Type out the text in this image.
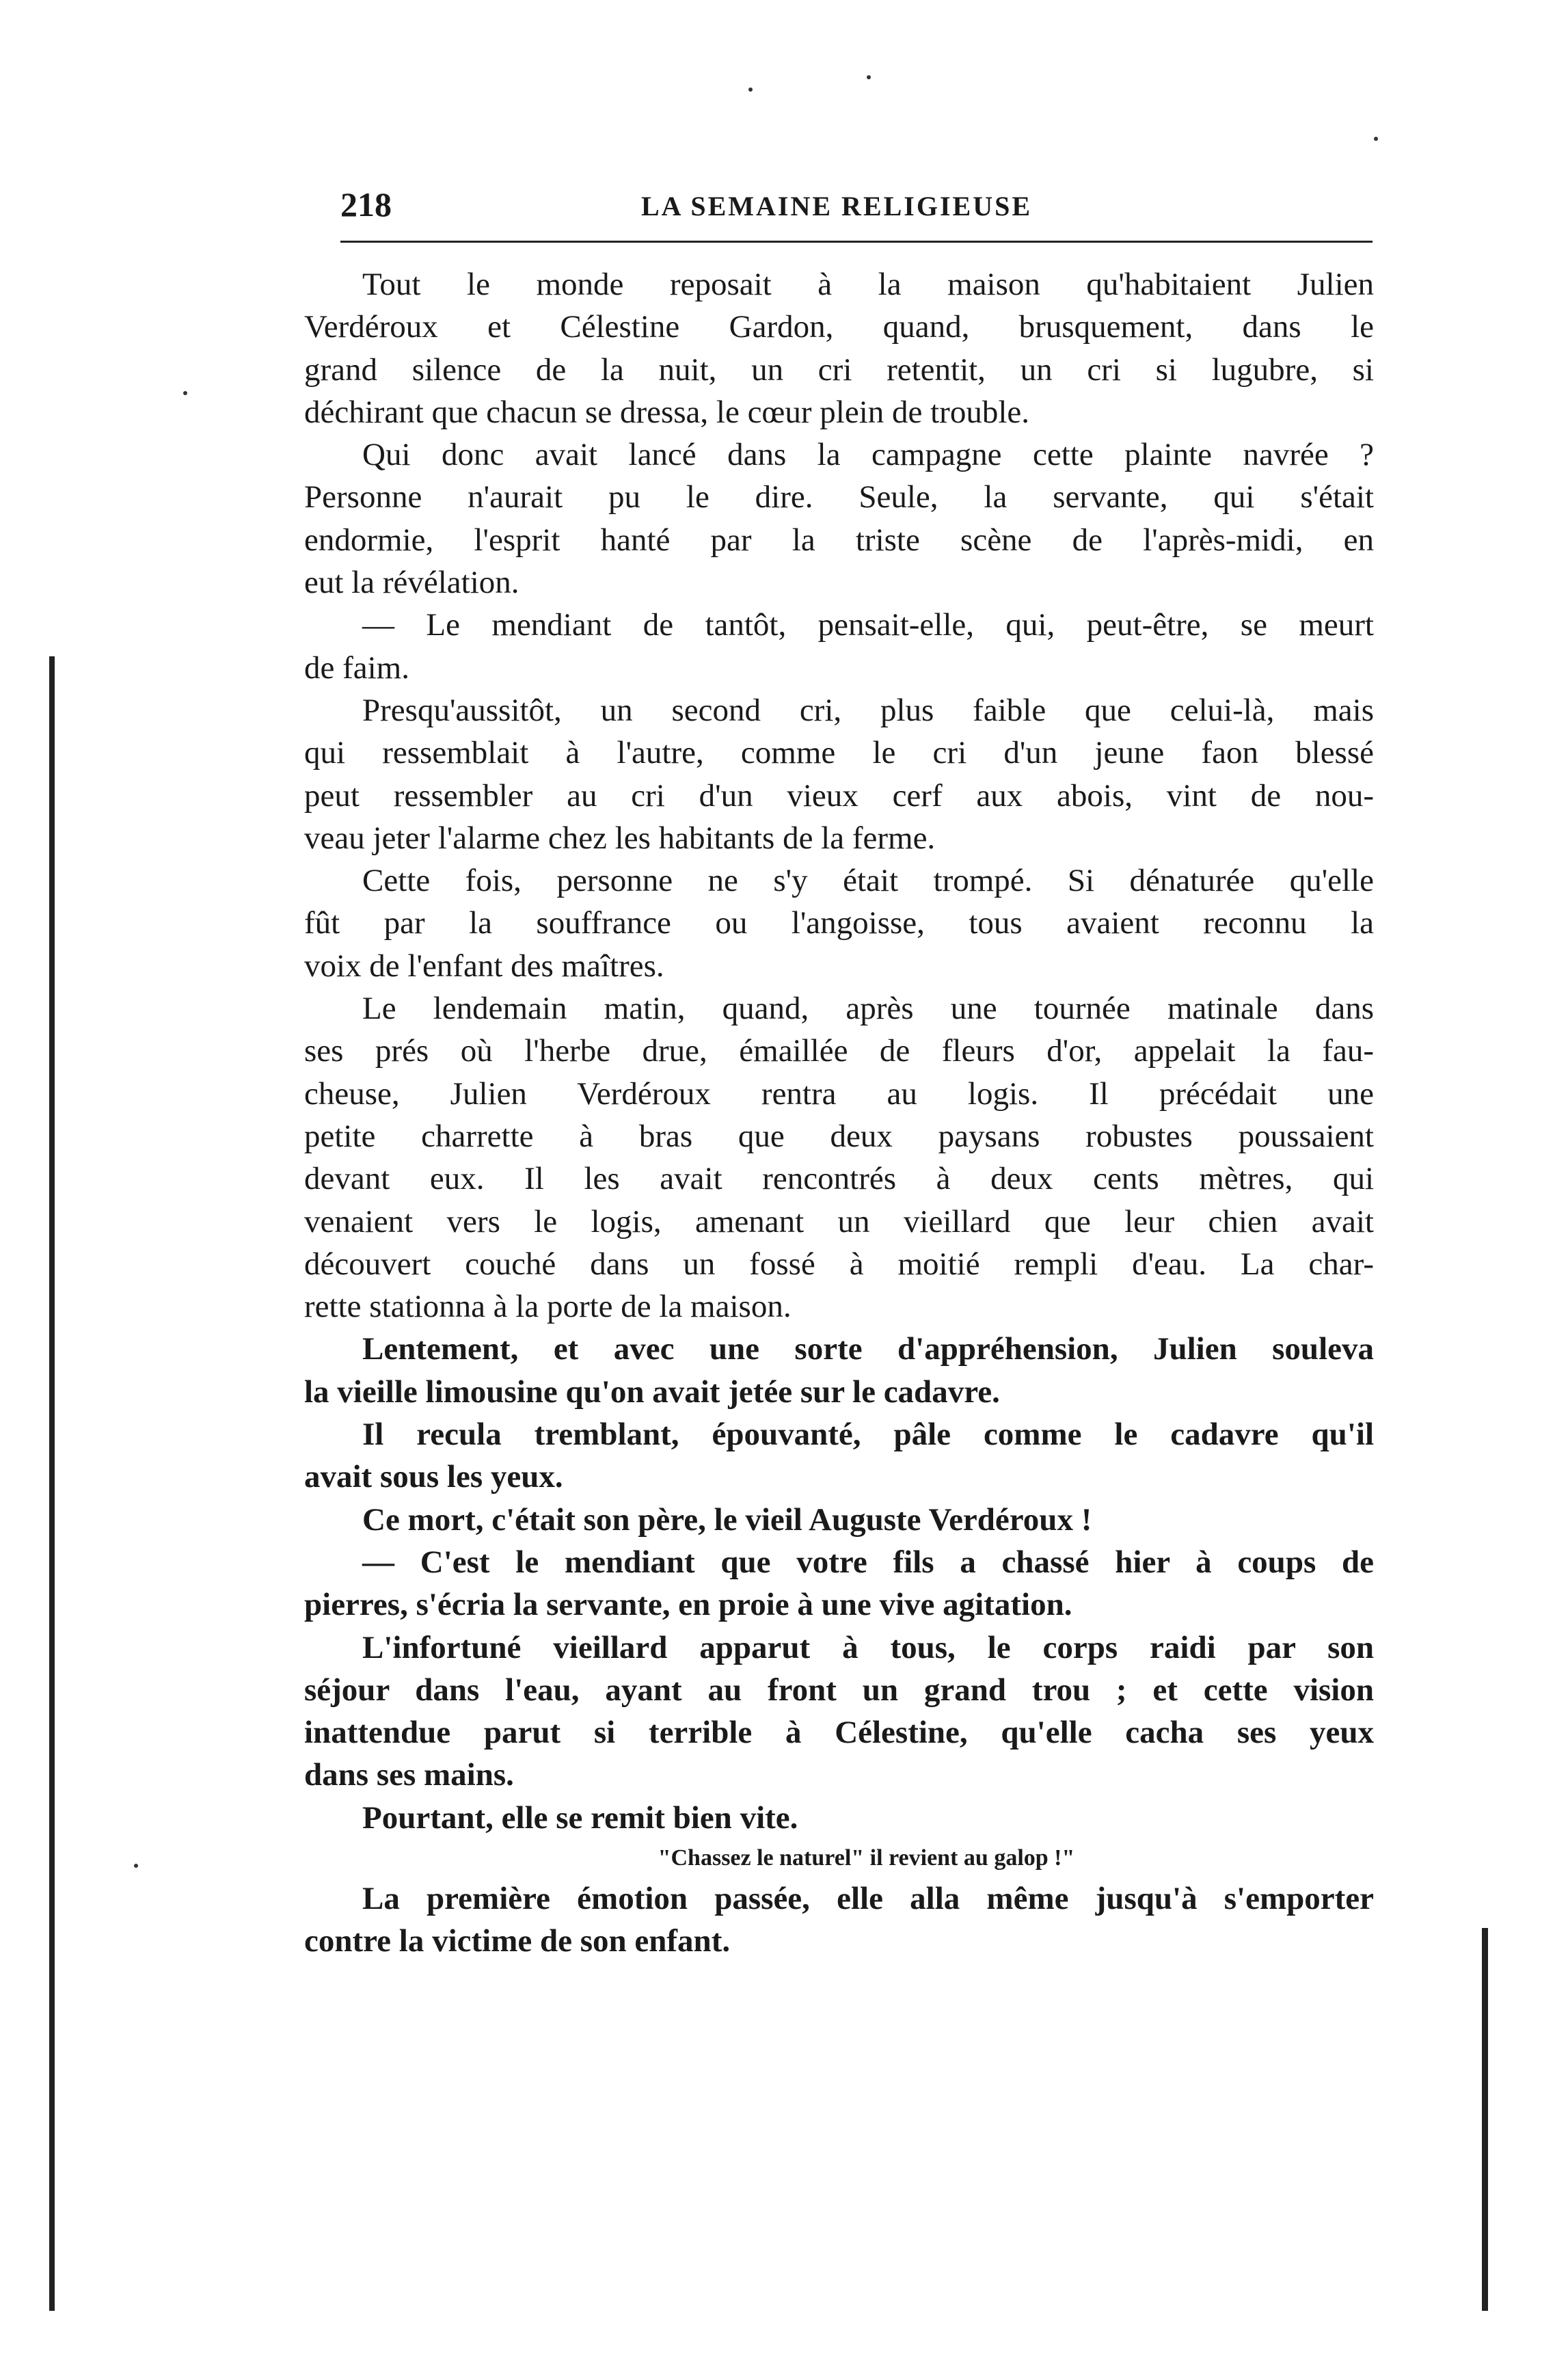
218	LA SEMAINE RELIGIEUSE
Tout le monde reposait à la maison qu'habitaient Julien
Verdéroux et Célestine Gardon, quand, brusquement, dans le
grand silence de la nuit, un cri retentit, un cri si lugubre, si
déchirant que chacun se dressa, le cœur plein de trouble.
Qui donc avait lancé dans la campagne cette plainte navrée ?
Personne n'aurait pu le dire. Seule, la servante, qui s'était
endormie, l'esprit hanté par la triste scène de l'après-midi, en
eut la révélation.
— Le mendiant de tantôt, pensait-elle, qui, peut-être, se meurt
de faim.
Presqu'aussitôt, un second cri, plus faible que celui-là, mais
qui ressemblait à l'autre, comme le cri d'un jeune faon blessé
peut ressembler au cri d'un vieux cerf aux abois, vint de nou-
veau jeter l'alarme chez les habitants de la ferme.
Cette fois, personne ne s'y était trompé. Si dénaturée qu'elle
fût par la souffrance ou l'angoisse, tous avaient reconnu la
voix de l'enfant des maîtres.
Le lendemain matin, quand, après une tournée matinale dans
ses prés où l'herbe drue, émaillée de fleurs d'or, appelait la fau-
cheuse, Julien Verdéroux rentra au logis. Il précédait une
petite charrette à bras que deux paysans robustes poussaient
devant eux. Il les avait rencontrés à deux cents mètres, qui
venaient vers le logis, amenant un vieillard que leur chien avait
découvert couché dans un fossé à moitié rempli d'eau. La char-
rette stationna à la porte de la maison.
Lentement, et avec une sorte d'appréhension, Julien souleva
la vieille limousine qu'on avait jetée sur le cadavre.
Il recula tremblant, épouvanté, pâle comme le cadavre qu'il
avait sous les yeux.
Ce mort, c'était son père, le vieil Auguste Verdéroux !
— C'est le mendiant que votre fils a chassé hier à coups de
pierres, s'écria la servante, en proie à une vive agitation.
L'infortuné vieillard apparut à tous, le corps raidi par son
séjour dans l'eau, ayant au front un grand trou ; et cette vision
inattendue parut si terrible à Célestine, qu'elle cacha ses yeux
dans ses mains.
Pourtant, elle se remit bien vite.
"Chassez le naturel" il revient au galop !"
La première émotion passée, elle alla même jusqu'à s'emporter
contre la victime de son enfant.
